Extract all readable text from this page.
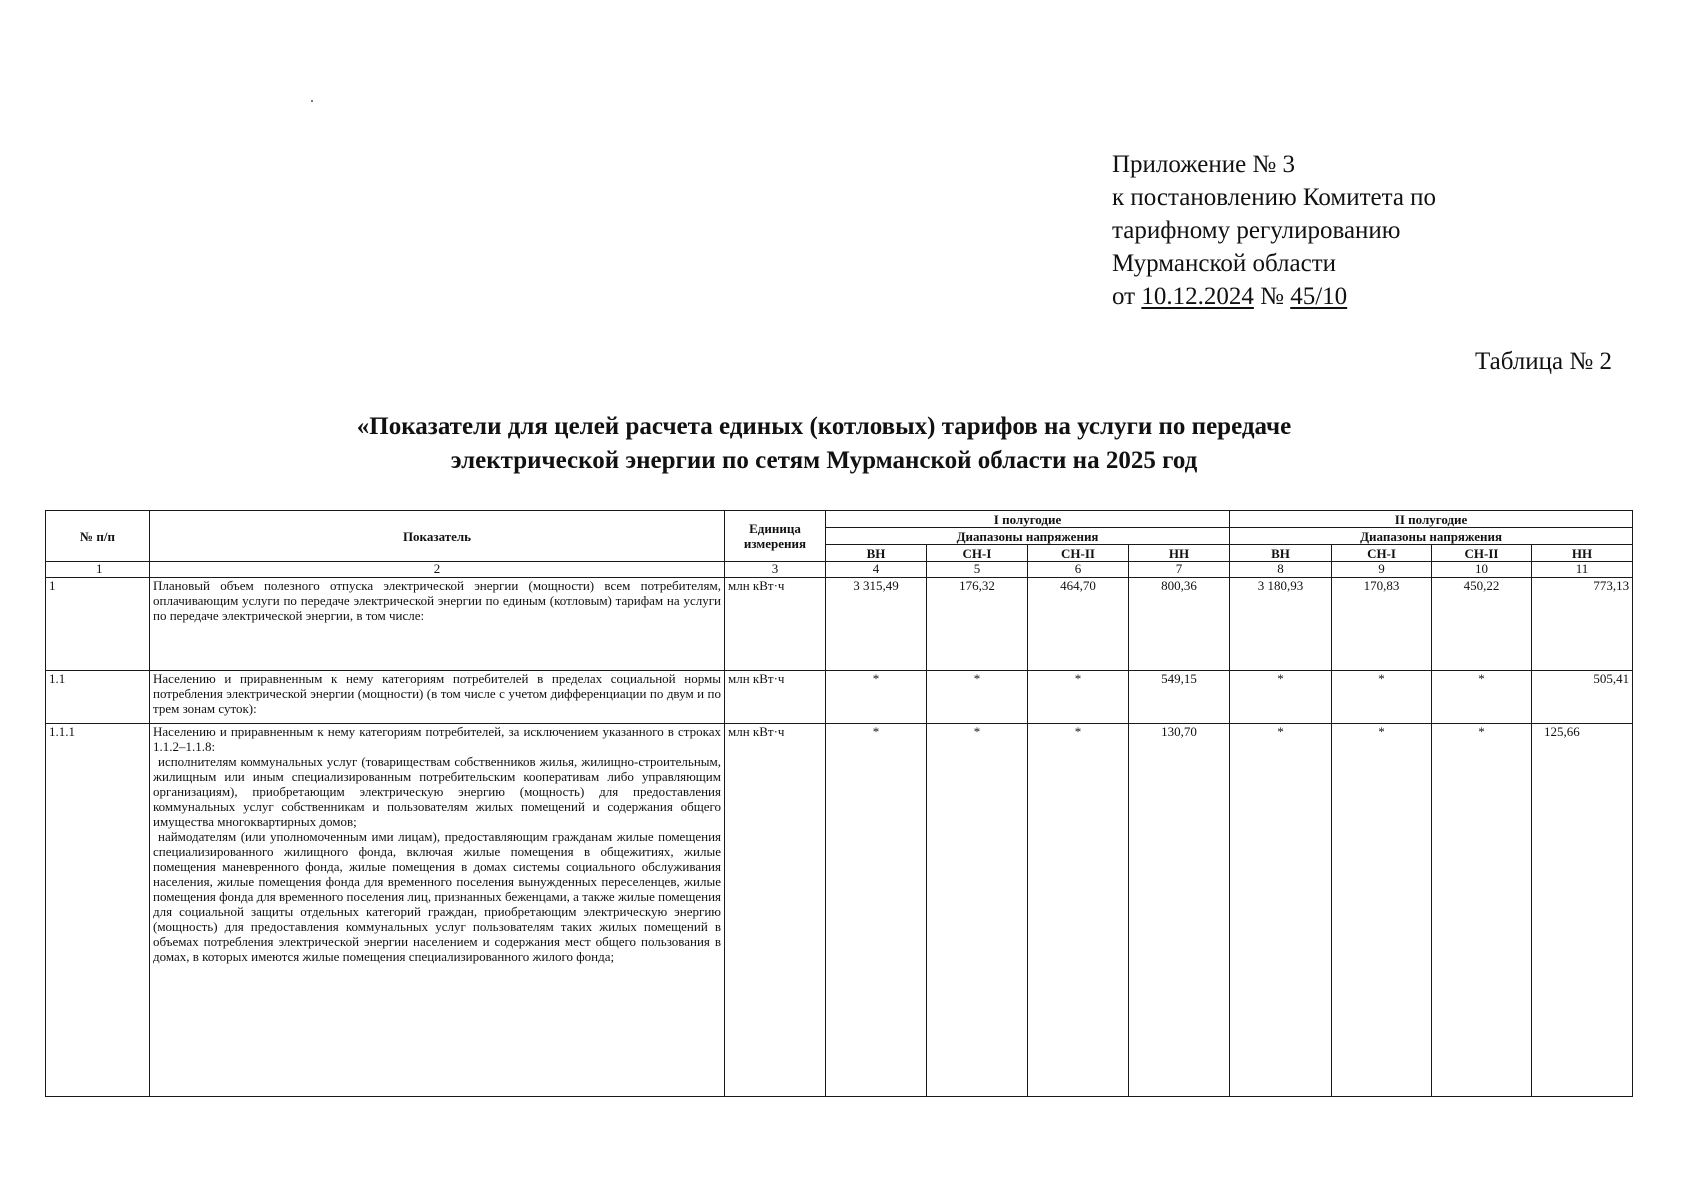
Приложение № 3
к постановлению Комитета по
тарифному регулированию
Мурманской области
от 10.12.2024 № 45/10
Таблица № 2
«Показатели для целей расчета единых (котловых) тарифов на услуги по передаче
электрической энергии по сетям Мурманской области на 2025 год
№ п/п	Показатель	Единица измерения	I полугодие				II полугодие			
			Диапазоны напряжения				Диапазоны напряжения			
			ВН	СН-I	СН-II	НН	ВН	СН-I	СН-II	НН
1	2	3	4	5	6	7	8	9	10	11
1	Плановый объем полезного отпуска электрической энергии (мощности) всем потребителям, оплачивающим услуги по передаче электрической энергии по единым (котловым) тарифам на услуги по передаче электрической энергии, в том числе:	млн кВт·ч	3 315,49	176,32	464,70	800,36	3 180,93	170,83	450,22	773,13
1.1	Населению и приравненным к нему категориям потребителей в пределах социальной нормы потребления электрической энергии (мощности) (в том числе с учетом дифференциации по двум и по трем зонам суток):	млн кВт·ч	*	*	*	549,15	*	*	*	505,41
1.1.1	Населению и приравненным к нему категориям потребителей, за исключением указанного в строках 1.1.2–1.1.8:

исполнителям коммунальных услуг (товариществам собственников жилья, жилищно-строительным, жилищным или иным специализированным потребительским кооперативам либо управляющим организациям), приобретающим электрическую энергию (мощность) для предоставления коммунальных услуг собственникам и пользователям жилых помещений и содержания общего имущества многоквартирных домов;

наймодателям (или уполномоченным ими лицам), предоставляющим гражданам жилые помещения специализированного жилищного фонда, включая жилые помещения в общежитиях, жилые помещения маневренного фонда, жилые помещения в домах системы социального обслуживания населения, жилые помещения фонда для временного поселения вынужденных переселенцев, жилые помещения фонда для временного поселения лиц, признанных беженцами, а также жилые помещения для социальной защиты отдельных категорий граждан, приобретающим электрическую энергию (мощность) для предоставления коммунальных услуг пользователям таких жилых помещений в объемах потребления электрической энергии населением и содержания мест общего пользования в домах, в которых имеются жилые помещения специализированного жилого фонда;	млн кВт·ч	*	*	*	130,70	*	*	*	125,66
